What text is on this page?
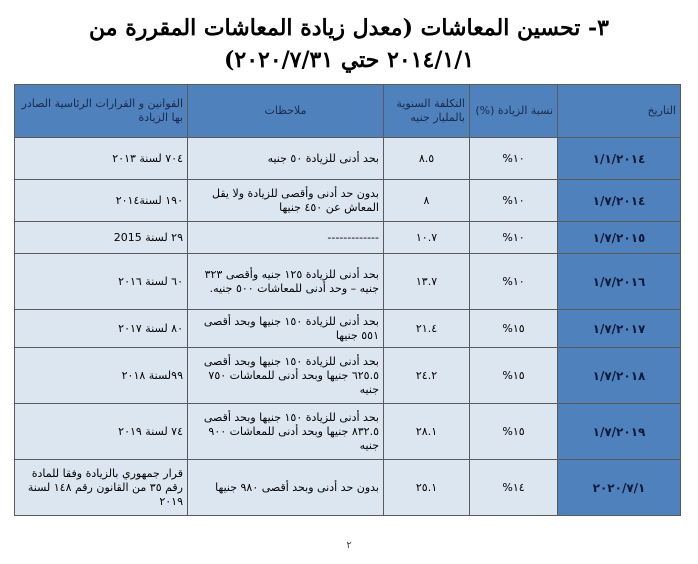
٣- تحسين المعاشات (معدل زيادة المعاشات المقررة من
٢٠١٤/١/١ حتي ٢٠٢٠/٧/٣١)
التاريخ	نسبة الزيادة (%)	التكلفة السنوية بالمليار جنيه	ملاحظات	القوانين و القرارات الرئاسية الصادر بها الزيادة
١/١/٢٠١٤	١٠%	٨.٥	بحد أدنى للزيادة ٥٠ جنيه	٧٠٤ لسنة ٢٠١٣
١/٧/٢٠١٤	١٠%	٨	بدون حد أدنى وأقصى للزيادة ولا يقل المعاش عن ٤٥٠ جنيها	١٩٠ لسنة٢٠١٤
١/٧/٢٠١٥	١٠%	١٠.٧	-------------	٢٩ لسنة 2015
١/٧/٢٠١٦	١٠%	١٣.٧	بحد أدنى للزيادة ١٢٥ جنيه وأقصى ٣٢٣ جنيه – وحد أدنى للمعاشات ٥٠٠ جنيه.	٦٠ لسنة ٢٠١٦
١/٧/٢٠١٧	١٥%	٢١.٤	بحد أدنى للزيادة ١٥٠ جنيها وبحد أقصى ٥٥١ جنيها	٨٠ لسنة ٢٠١٧
١/٧/٢٠١٨	١٥%	٢٤.٢	بحد أدنى للزيادة ١٥٠ جنيها وبحد أقصى ٦٢٥.٥ جنيها وبحد أدنى للمعاشات ٧٥٠ جنيه	٩٩لسنة ٢٠١٨
١/٧/٢٠١٩	١٥%	٢٨.١	بحد أدنى للزيادة ١٥٠ جنيها وبحد أقصى ٨٣٢.٥ جنيها وبحد أدنى للمعاشات ٩٠٠ جنيه	٧٤ لسنة ٢٠١٩
٢٠٢٠/٧/١	١٤%	٢٥.١	بدون حد أدنى وبحد أقصى ٩٨٠ جنيها	قرار جمهوري بالزيادة وفقا للمادة رقم ٣٥ من القانون رقم ١٤٨ لسنة ٢٠١٩
٢
